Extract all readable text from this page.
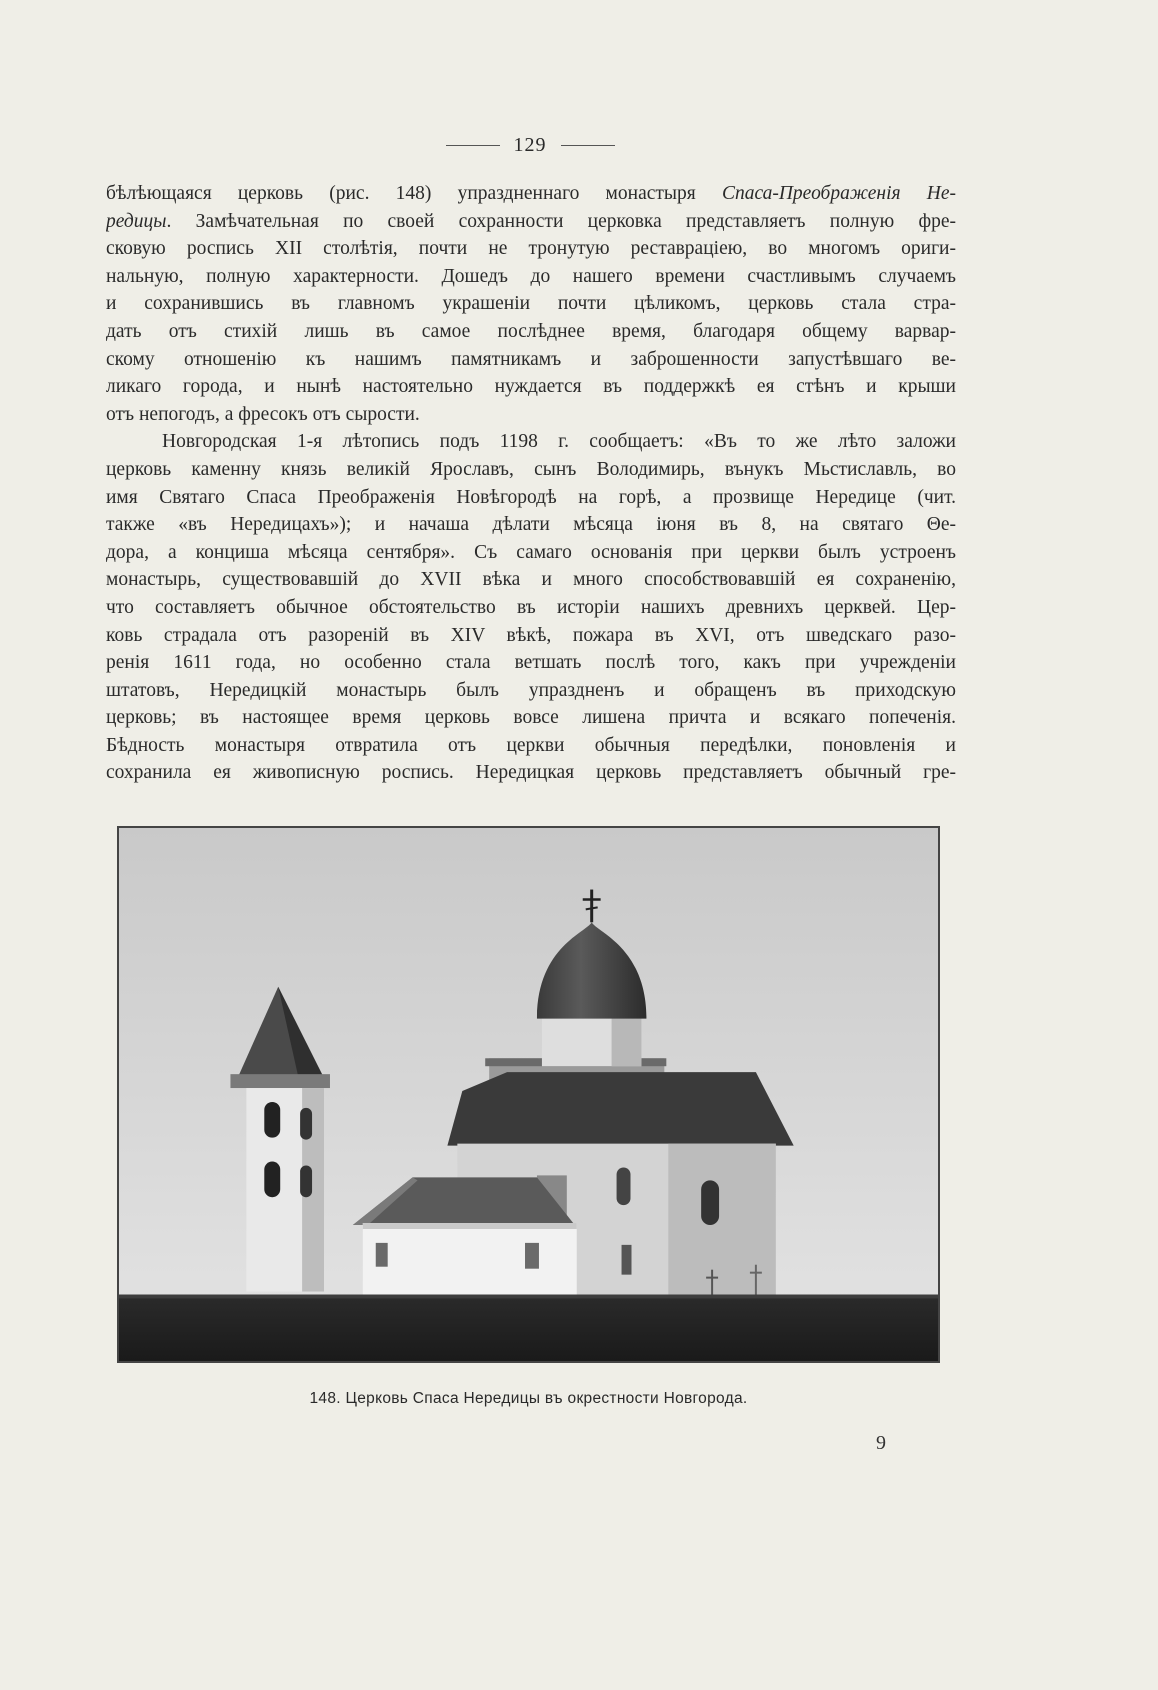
129
бѣлѣющаяся церковь (рис. 148) упраздненнаго монастыря Спаса-Преображенія Не-
редицы. Замѣчательная по своей сохранности церковка представляетъ полную фре-
сковую роспись XII столѣтія, почти не тронутую реставраціею, во многомъ ориги-
нальную, полную характерности. Дошедъ до нашего времени счастливымъ случаемъ
и сохранившись въ главномъ украшеніи почти цѣликомъ, церковь стала стра-
дать отъ стихій лишь въ самое послѣднее время, благодаря общему варвар-
скому отношенію къ нашимъ памятникамъ и заброшенности запустѣвшаго ве-
ликаго города, и нынѣ настоятельно нуждается въ поддержкѣ ея стѣнъ и крыши
отъ непогодъ, а фресокъ отъ сырости.
Новгородская 1-я лѣтопись подъ 1198 г. сообщаетъ: «Въ то же лѣто заложи
церковь каменну князь великій Ярославъ, сынъ Володимирь, вънукъ Мьстиславль, во
имя Святаго Спаса Преображенія Новѣгородѣ на горѣ, а прозвище Нередице (чит.
также «въ Нередицахъ»); и начаша дѣлати мѣсяца іюня въ 8, на святаго Θе-
дора, а конциша мѣсяца сентября». Съ самаго основанія при церкви былъ устроенъ
монастырь, существовавшій до XVII вѣка и много способствовавшій ея сохраненію,
что составляетъ обычное обстоятельство въ исторіи нашихъ древнихъ церквей. Цер-
ковь страдала отъ разореній въ XIV вѣкѣ, пожара въ XVI, отъ шведскаго разо-
ренія 1611 года, но особенно стала ветшать послѣ того, какъ при учрежденіи
штатовъ, Нередицкій монастырь былъ упраздненъ и обращенъ въ приходскую
церковь; въ настоящее время церковь вовсе лишена причта и всякаго попеченія.
Бѣдность монастыря отвратила отъ церкви обычныя передѣлки, поновленія и
сохранила ея живописную роспись. Нередицкая церковь представляетъ обычный гре-
148. Церковь Спаса Нередицы въ окрестности Новгорода.
9
